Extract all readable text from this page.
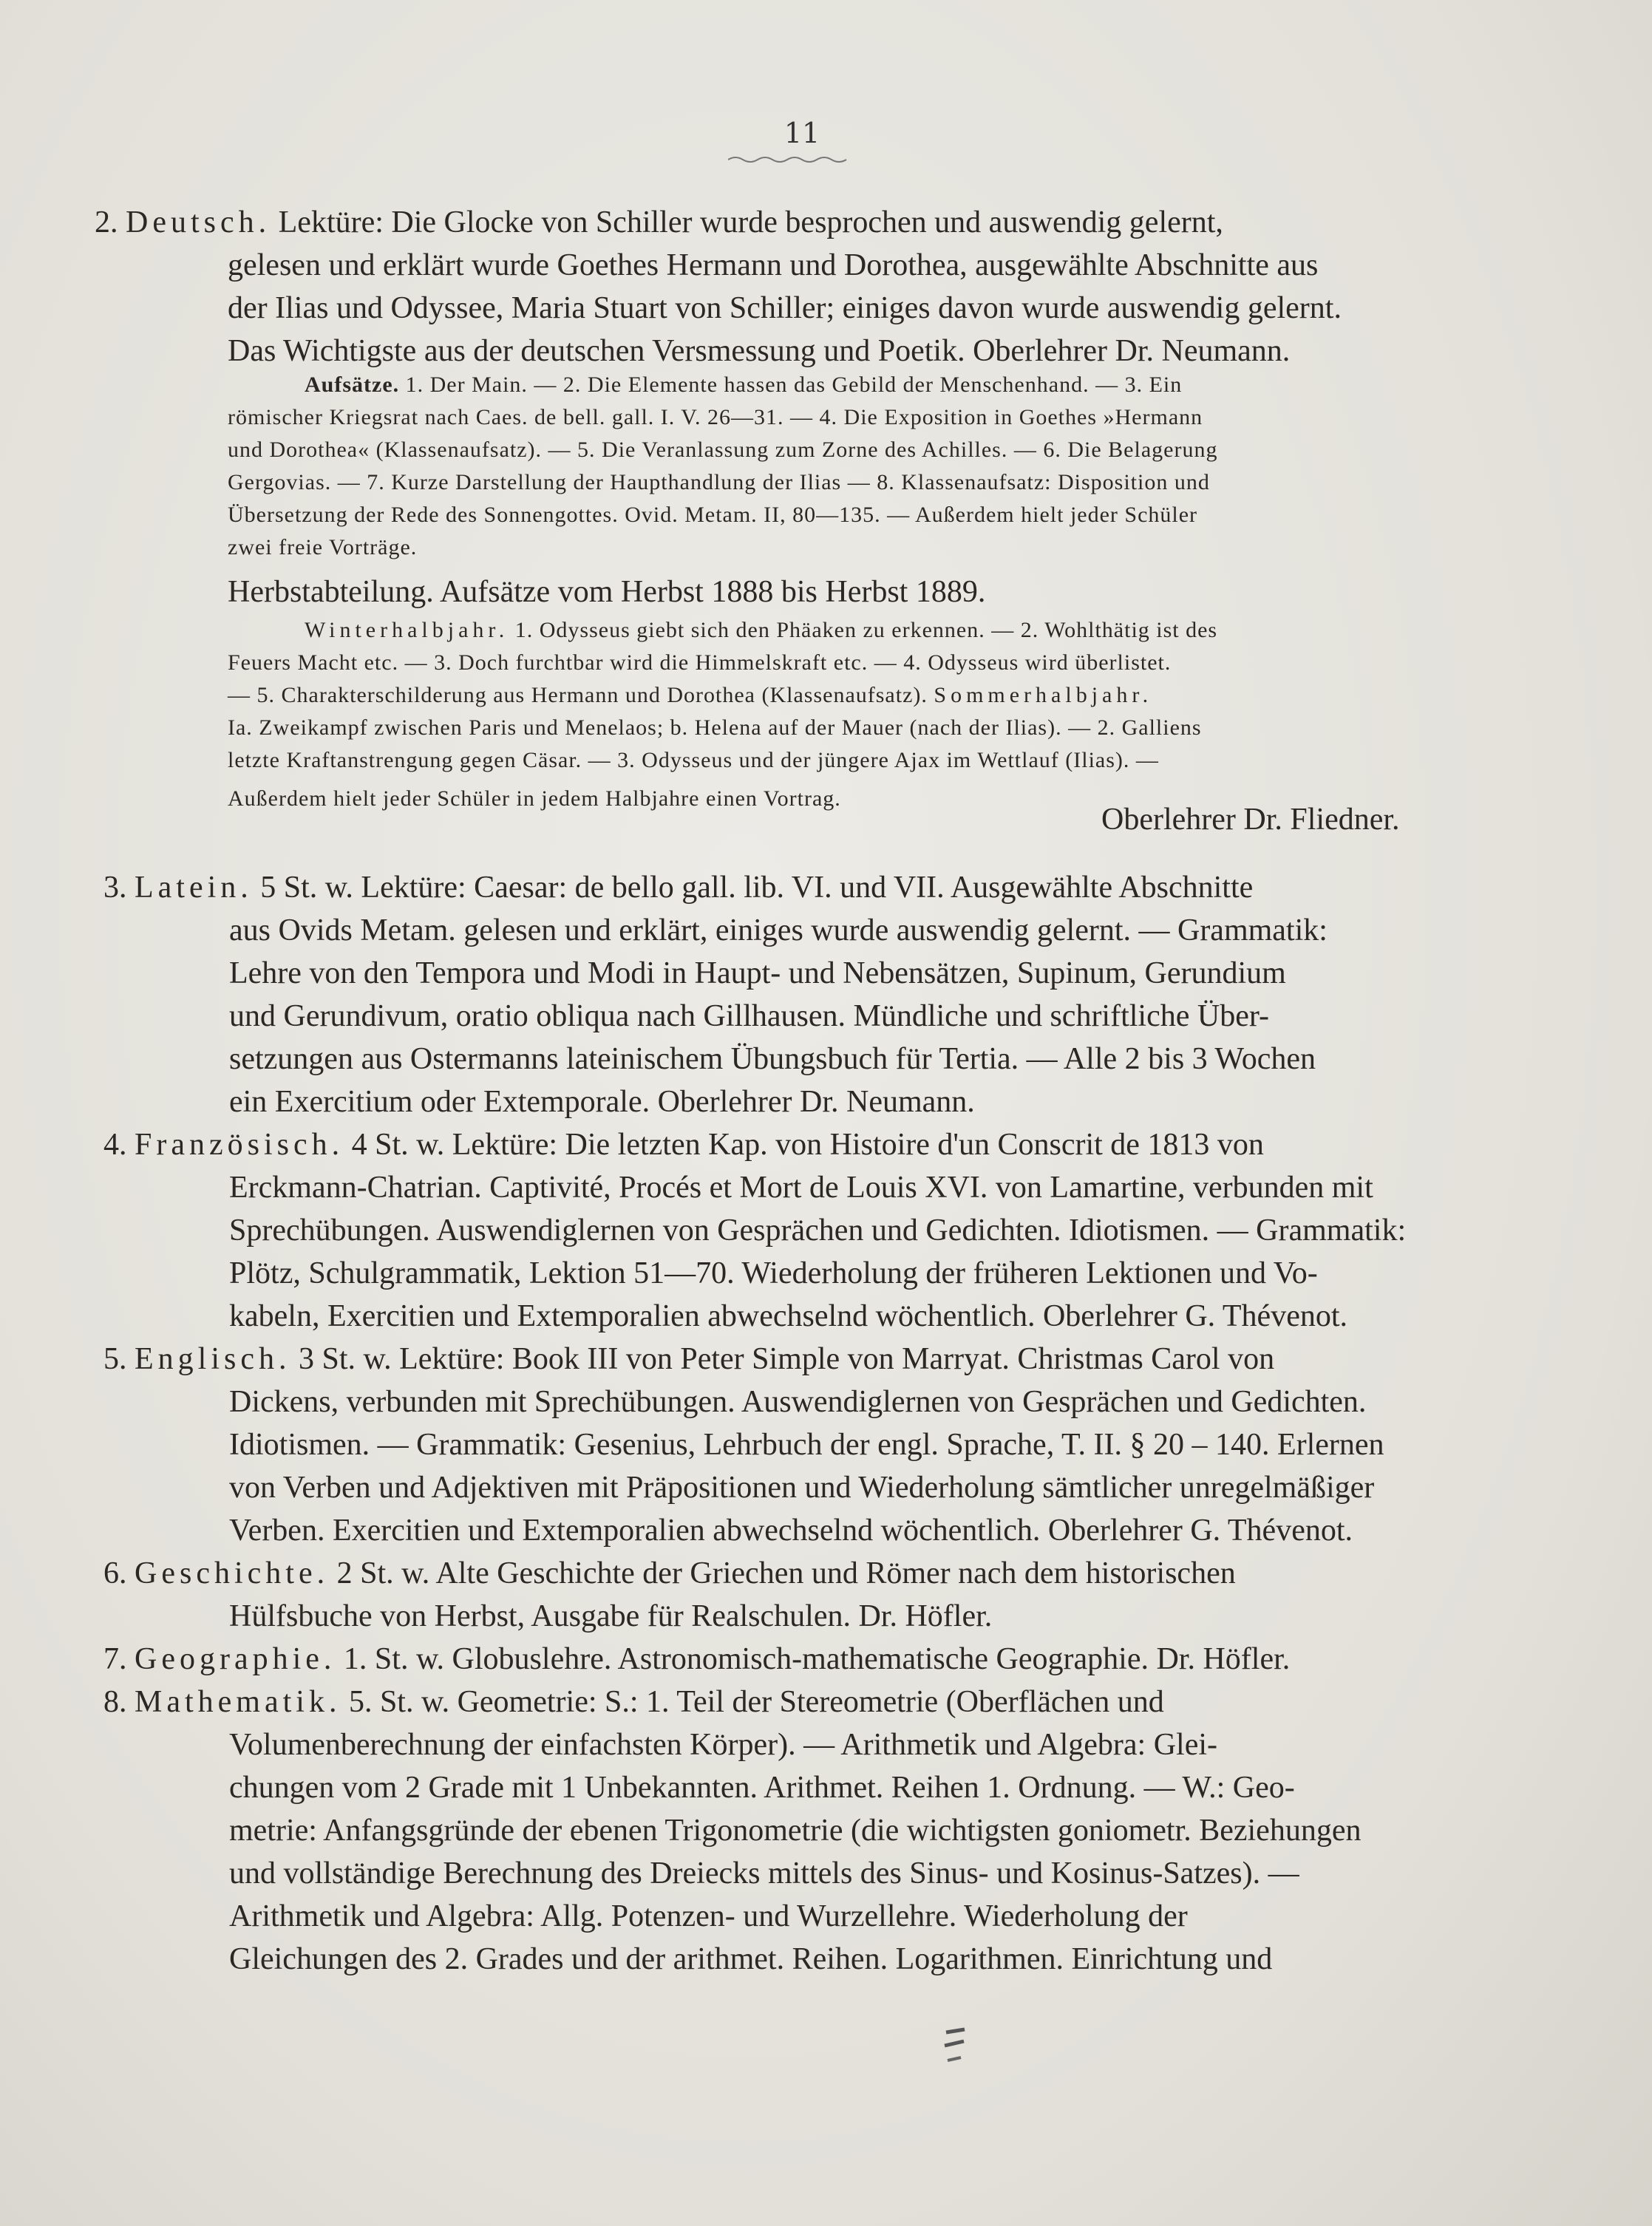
11
2. Deutsch. Lektüre: Die Glocke von Schiller wurde besprochen und auswendig gelernt,
gelesen und erklärt wurde Goethes Hermann und Dorothea, ausgewählte Abschnitte aus
der Ilias und Odyssee, Maria Stuart von Schiller; einiges davon wurde auswendig gelernt.
Das Wichtigste aus der deutschen Versmessung und Poetik. Oberlehrer Dr. Neumann.
Aufsätze. 1. Der Main. — 2. Die Elemente hassen das Gebild der Menschenhand. — 3. Ein
römischer Kriegsrat nach Caes. de bell. gall. I. V. 26—31. — 4. Die Exposition in Goethes »Hermann
und Dorothea« (Klassenaufsatz). — 5. Die Veranlassung zum Zorne des Achilles. — 6. Die Belagerung
Gergovias. — 7. Kurze Darstellung der Haupthandlung der Ilias — 8. Klassenaufsatz: Disposition und
Übersetzung der Rede des Sonnengottes. Ovid. Metam. II, 80—135. — Außerdem hielt jeder Schüler
zwei freie Vorträge.
Herbstabteilung. Aufsätze vom Herbst 1888 bis Herbst 1889.
Winterhalbjahr. 1. Odysseus giebt sich den Phäaken zu erkennen. — 2. Wohlthätig ist des
Feuers Macht etc. — 3. Doch furchtbar wird die Himmelskraft etc. — 4. Odysseus wird überlistet.
— 5. Charakterschilderung aus Hermann und Dorothea (Klassenaufsatz). Sommerhalbjahr.
Ia. Zweikampf zwischen Paris und Menelaos; b. Helena auf der Mauer (nach der Ilias). — 2. Galliens
letzte Kraftanstrengung gegen Cäsar. — 3. Odysseus und der jüngere Ajax im Wettlauf (Ilias). —
Außerdem hielt jeder Schüler in jedem Halbjahre einen Vortrag.
Oberlehrer Dr. Fliedner.
3. Latein. 5 St. w. Lektüre: Caesar: de bello gall. lib. VI. und VII. Ausgewählte Abschnitte
aus Ovids Metam. gelesen und erklärt, einiges wurde auswendig gelernt. — Grammatik:
Lehre von den Tempora und Modi in Haupt- und Nebensätzen, Supinum, Gerundium
und Gerundivum, oratio obliqua nach Gillhausen. Mündliche und schriftliche Über-
setzungen aus Ostermanns lateinischem Übungsbuch für Tertia. — Alle 2 bis 3 Wochen
ein Exercitium oder Extemporale. Oberlehrer Dr. Neumann.
4. Französisch. 4 St. w. Lektüre: Die letzten Kap. von Histoire d'un Conscrit de 1813 von
Erckmann-Chatrian. Captivité, Procés et Mort de Louis XVI. von Lamartine, verbunden mit
Sprechübungen. Auswendiglernen von Gesprächen und Gedichten. Idiotismen. — Grammatik:
Plötz, Schulgrammatik, Lektion 51—70. Wiederholung der früheren Lektionen und Vo-
kabeln, Exercitien und Extemporalien abwechselnd wöchentlich. Oberlehrer G. Thévenot.
5. Englisch. 3 St. w. Lektüre: Book III von Peter Simple von Marryat. Christmas Carol von
Dickens, verbunden mit Sprechübungen. Auswendiglernen von Gesprächen und Gedichten.
Idiotismen. — Grammatik: Gesenius, Lehrbuch der engl. Sprache, T. II. § 20 – 140. Erlernen
von Verben und Adjektiven mit Präpositionen und Wiederholung sämtlicher unregelmäßiger
Verben. Exercitien und Extemporalien abwechselnd wöchentlich. Oberlehrer G. Thévenot.
6. Geschichte. 2 St. w. Alte Geschichte der Griechen und Römer nach dem historischen
Hülfsbuche von Herbst, Ausgabe für Realschulen. Dr. Höfler.
7. Geographie. 1. St. w. Globuslehre. Astronomisch-mathematische Geographie. Dr. Höfler.
8. Mathematik. 5. St. w. Geometrie: S.: 1. Teil der Stereometrie (Oberflächen und
Volumenberechnung der einfachsten Körper). — Arithmetik und Algebra: Glei-
chungen vom 2 Grade mit 1 Unbekannten. Arithmet. Reihen 1. Ordnung. — W.: Geo-
metrie: Anfangsgründe der ebenen Trigonometrie (die wichtigsten goniometr. Beziehungen
und vollständige Berechnung des Dreiecks mittels des Sinus- und Kosinus-Satzes). —
Arithmetik und Algebra: Allg. Potenzen- und Wurzellehre. Wiederholung der
Gleichungen des 2. Grades und der arithmet. Reihen. Logarithmen. Einrichtung und
